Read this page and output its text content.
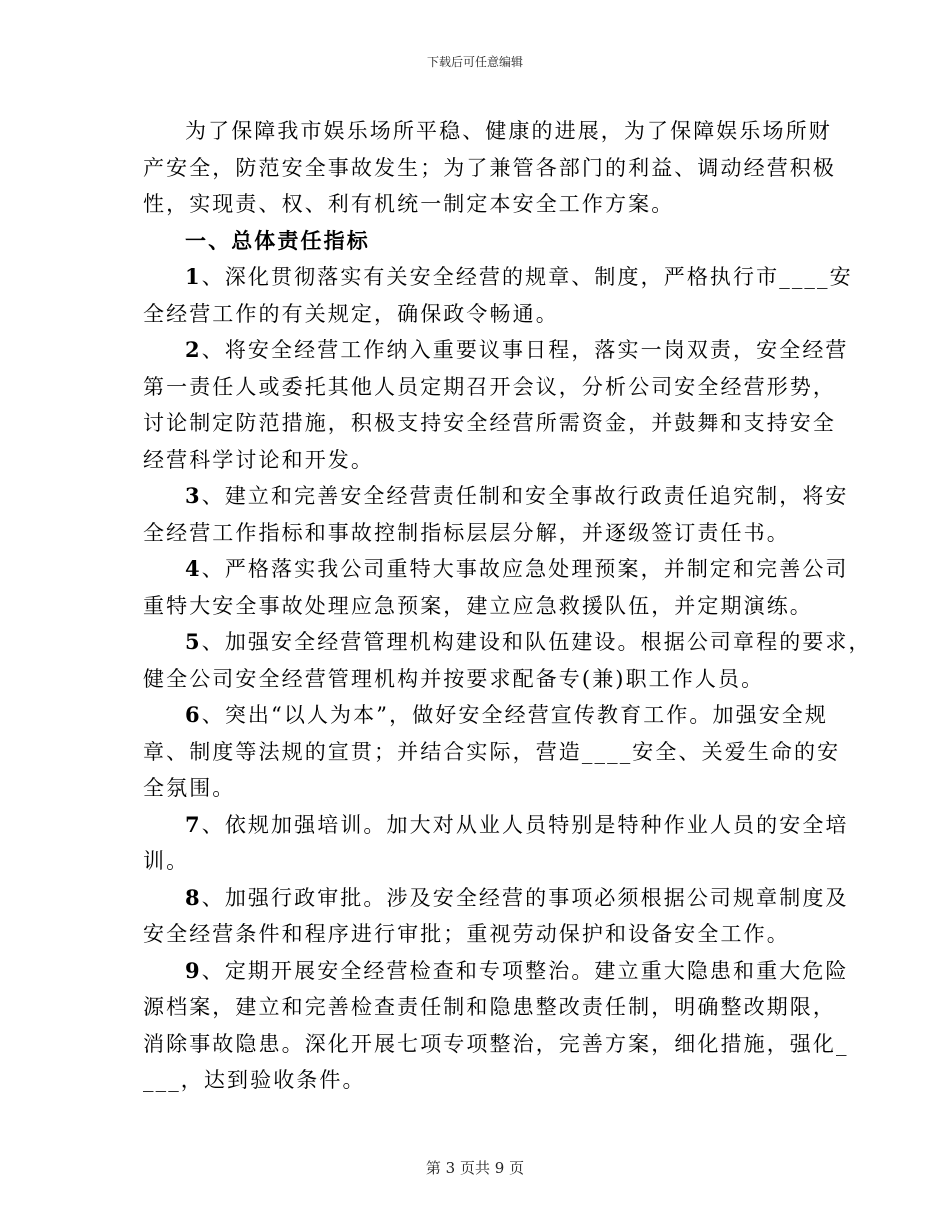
下载后可任意编辑
为了保障我市娱乐场所平稳、健康的进展，为了保障娱乐场所财
产安全，防范安全事故发生；为了兼管各部门的利益、调动经营积极
性，实现责、权、利有机统一制定本安全工作方案。
一、总体责任指标
1、深化贯彻落实有关安全经营的规章、制度，严格执行市____安
全经营工作的有关规定，确保政令畅通。
2、将安全经营工作纳入重要议事日程，落实一岗双责，安全经营
第一责任人或委托其他人员定期召开会议，分析公司安全经营形势，
讨论制定防范措施，积极支持安全经营所需资金，并鼓舞和支持安全
经营科学讨论和开发。
3、建立和完善安全经营责任制和安全事故行政责任追究制，将安
全经营工作指标和事故控制指标层层分解，并逐级签订责任书。
4、严格落实我公司重特大事故应急处理预案，并制定和完善公司
重特大安全事故处理应急预案，建立应急救援队伍，并定期演练。
5、加强安全经营管理机构建设和队伍建设。根据公司章程的要求，
健全公司安全经营管理机构并按要求配备专(兼)职工作人员。
6、突出“以人为本”，做好安全经营宣传教育工作。加强安全规
章、制度等法规的宣贯；并结合实际，营造____安全、关爱生命的安
全氛围。
7、依规加强培训。加大对从业人员特别是特种作业人员的安全培
训。
8、加强行政审批。涉及安全经营的事项必须根据公司规章制度及
安全经营条件和程序进行审批；重视劳动保护和设备安全工作。
9、定期开展安全经营检查和专项整治。建立重大隐患和重大危险
源档案，建立和完善检查责任制和隐患整改责任制，明确整改期限，
消除事故隐患。深化开展七项专项整治，完善方案，细化措施，强化_
___，达到验收条件。
第 3 页共 9 页
